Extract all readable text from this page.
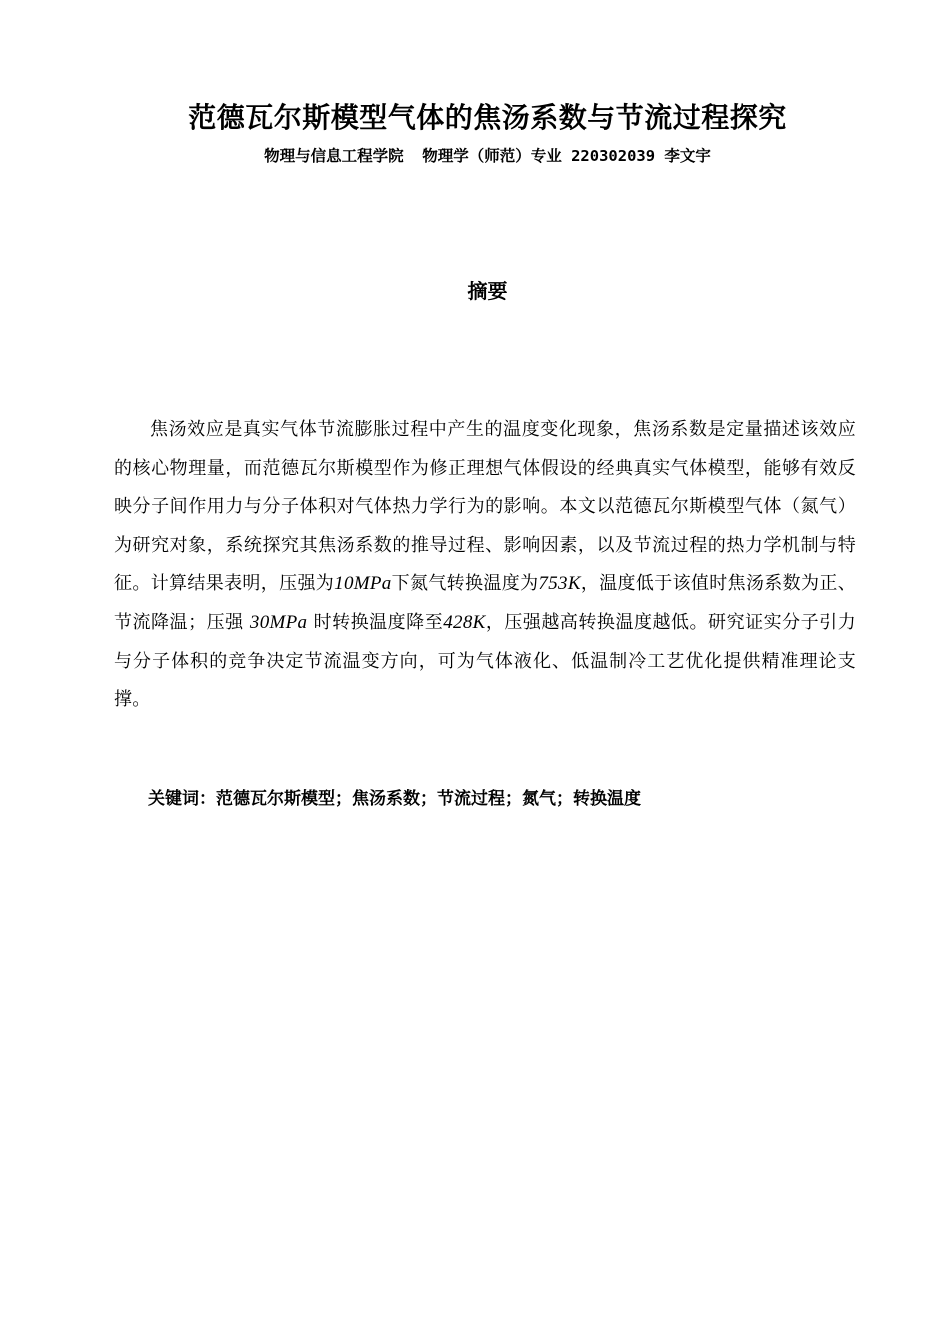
范德瓦尔斯模型气体的焦汤系数与节流过程探究
物理与信息工程学院  物理学（师范）专业 220302039 李文宇
摘要
焦汤效应是真实气体节流膨胀过程中产生的温度变化现象，焦汤系数是定量描述该效应的核心物理量，而范德瓦尔斯模型作为修正理想气体假设的经典真实气体模型，能够有效反映分子间作用力与分子体积对气体热力学行为的影响。本文以范德瓦尔斯模型气体（氮气）为研究对象，系统探究其焦汤系数的推导过程、影响因素，以及节流过程的热力学机制与特征。计算结果表明，压强为10MPa下氮气转换温度为753K，温度低于该值时焦汤系数为正、节流降温；压强 30MPa 时转换温度降至428K，压强越高转换温度越低。研究证实分子引力与分子体积的竞争决定节流温变方向，可为气体液化、低温制冷工艺优化提供精准理论支撑。
关键词：范德瓦尔斯模型；焦汤系数；节流过程；氮气；转换温度
